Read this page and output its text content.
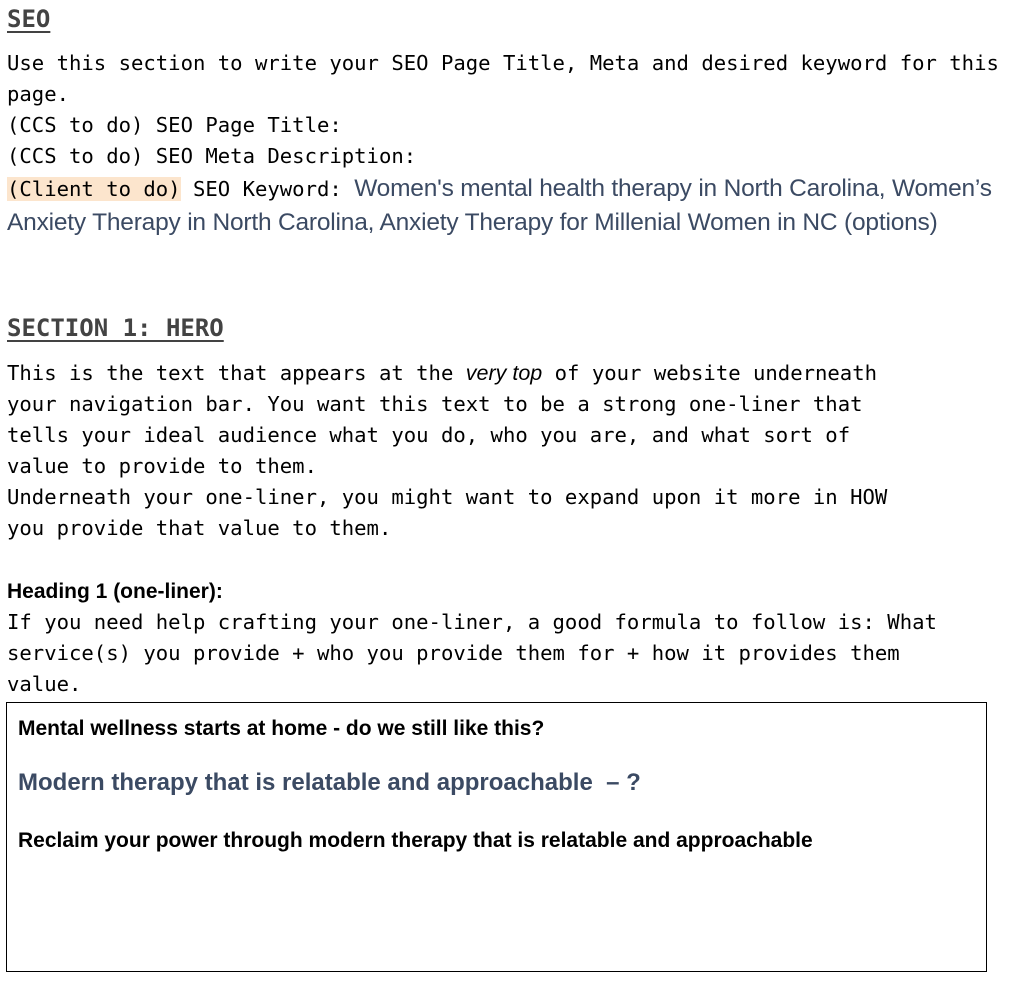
SEO

Use this section to write your SEO Page Title, Meta and desired keyword for this page.

(CCS to do) SEO Page Title:

(CCS to do) SEO Meta Description:

(Client to do) SEO Keyword: Women's mental health therapy in North Carolina, Women’s
Anxiety Therapy in North Carolina, Anxiety Therapy for Millenial Women in NC (options)
SECTION 1: HERO

This is the text that appears at the very top of your website underneath your navigation bar. You want this text to be a strong one-liner that tells your ideal audience what you do, who you are, and what sort of value to provide to them.

Underneath your one-liner, you might want to expand upon it more in HOW you provide that value to them.

Heading 1 (one-liner):

If you need help crafting your one-liner, a good formula to follow is: What service(s) you provide + who you provide them for + how it provides them value.

Mental wellness starts at home - do we still like this?

Modern therapy that is relatable and approachable  – ?

Reclaim your power through modern therapy that is relatable and approachable
